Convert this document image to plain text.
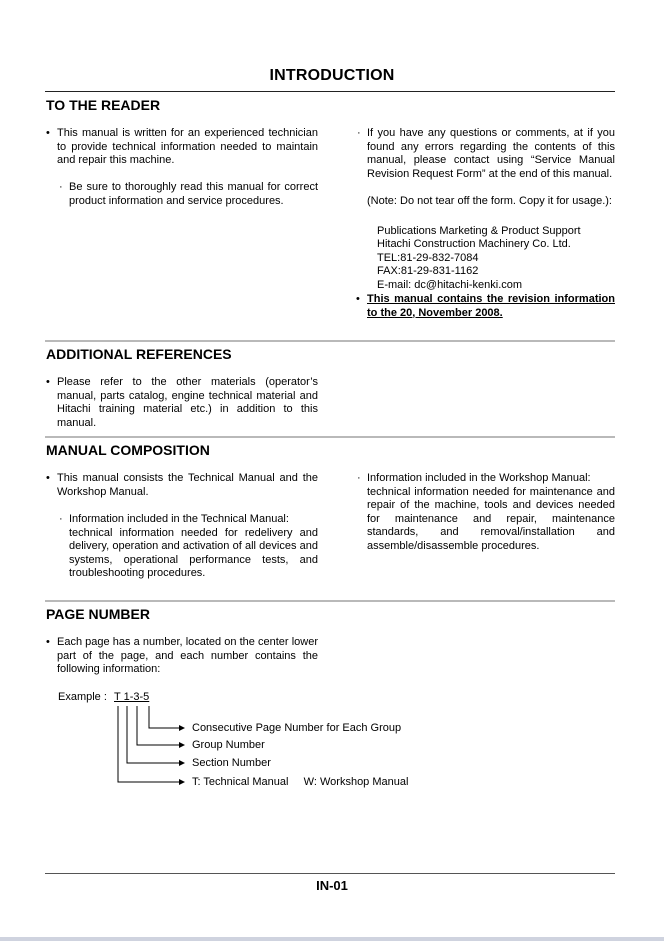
INTRODUCTION
TO THE READER
• This manual is written for an experienced technician to provide technical information needed to maintain and repair this machine.
· Be sure to thoroughly read this manual for correct product information and service procedures.
· If you have any questions or comments, at if you found any errors regarding the contents of this manual, please contact using “Service Manual Revision Request Form” at the end of this manual.
(Note: Do not tear off the form. Copy it for usage.):
Publications Marketing & Product Support
Hitachi Construction Machinery Co. Ltd.
TEL:81-29-832-7084
FAX:81-29-831-1162
E-mail: dc@hitachi-kenki.com
• This manual contains the revision information to the 20, November 2008.
ADDITIONAL REFERENCES
• Please refer to the other materials (operator’s manual, parts catalog, engine technical material and Hitachi training material etc.) in addition to this manual.
MANUAL COMPOSITION
• This manual consists the Technical Manual and the Workshop Manual.
· Information included in the Technical Manual:
technical information needed for redelivery and delivery, operation and activation of all devices and systems, operational performance tests, and troubleshooting procedures.
· Information included in the Workshop Manual:
technical information needed for maintenance and repair of the machine, tools and devices needed for maintenance and repair, maintenance standards, and removal/installation and assemble/disassemble procedures.
PAGE NUMBER
• Each page has a number, located on the center lower part of the page, and each number contains the following information:
Example : T 1-3-5
Consecutive Page Number for Each Group
Group Number
Section Number
T: Technical Manual     W: Workshop Manual
IN-01
